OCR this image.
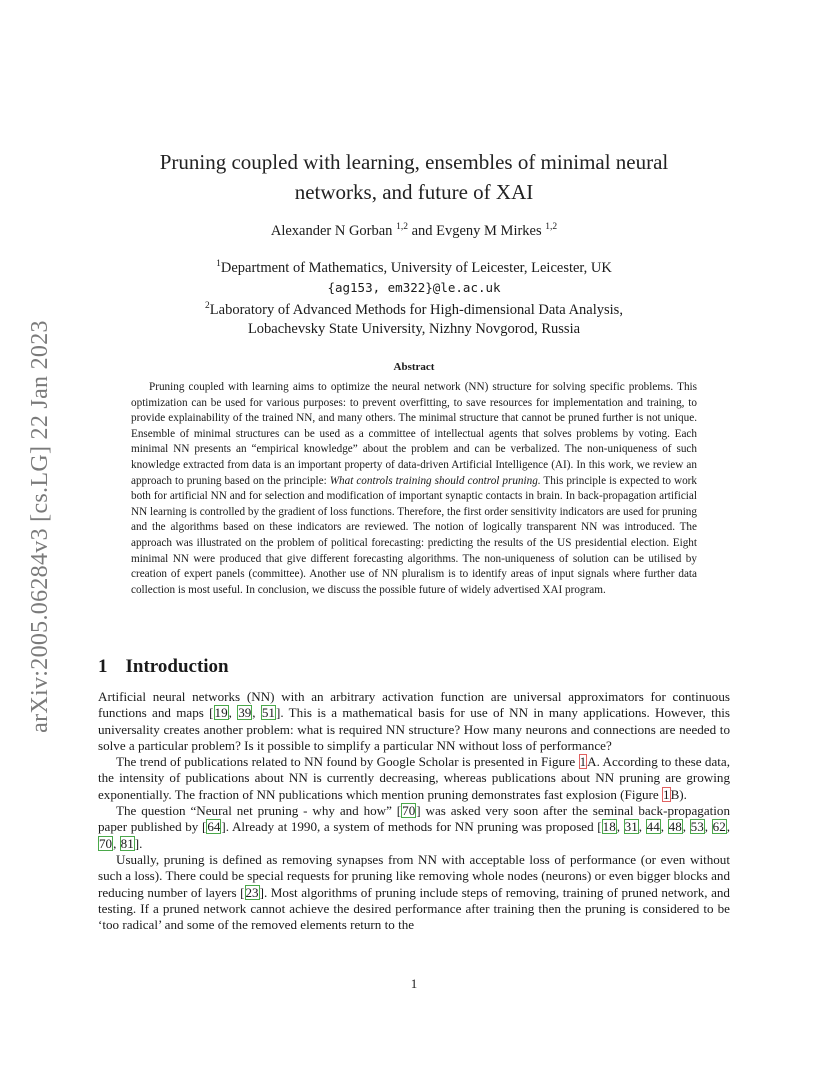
arXiv:2005.06284v3 [cs.LG] 22 Jan 2023
Pruning coupled with learning, ensembles of minimal neural
networks, and future of XAI
Alexander N Gorban $^{1,2}$ and Evgeny M Mirkes $^{1,2}$
$^1$Department of Mathematics, University of Leicester, Leicester, UK
{ag153, em322}@le.ac.uk
$^2$Laboratory of Advanced Methods for High-dimensional Data Analysis,
Lobachevsky State University, Nizhny Novgorod, Russia
Abstract
Pruning coupled with learning aims to optimize the neural network (NN) structure for solving specific problems. This optimization can be used for various purposes: to prevent overfitting, to save resources for implementation and training, to provide explainability of the trained NN, and many others. The minimal structure that cannot be pruned further is not unique. Ensemble of minimal structures can be used as a committee of intellectual agents that solves problems by voting. Each minimal NN presents an “empirical knowledge” about the problem and can be verbalized. The non-uniqueness of such knowledge extracted from data is an important property of data-driven Artificial Intelligence (AI). In this work, we review an approach to pruning based on the principle: What controls training should control pruning. This principle is expected to work both for artificial NN and for selection and modification of important synaptic contacts in brain. In back-propagation artificial NN learning is controlled by the gradient of loss functions. Therefore, the first order sensitivity indicators are used for pruning and the algorithms based on these indicators are reviewed. The notion of logically transparent NN was introduced. The approach was illustrated on the problem of political forecasting: predicting the results of the US presidential election. Eight minimal NN were produced that give different forecasting algorithms. The non-uniqueness of solution can be utilised by creation of expert panels (committee). Another use of NN pluralism is to identify areas of input signals where further data collection is most useful. In conclusion, we discuss the possible future of widely advertised XAI program.
1 Introduction

Artificial neural networks (NN) with an arbitrary activation function are universal approximators for continuous functions and maps [19, 39, 51]. This is a mathematical basis for use of NN in many applications. However, this universality creates another problem: what is required NN structure? How many neurons and connections are needed to solve a particular problem? Is it possible to simplify a particular NN without loss of performance?

The trend of publications related to NN found by Google Scholar is presented in Figure 1A. According to these data, the intensity of publications about NN is currently decreasing, whereas publications about NN pruning are growing exponentially. The fraction of NN publications which mention pruning demonstrates fast explosion (Figure 1B).

The question “Neural net pruning - why and how” [70] was asked very soon after the seminal back-propagation paper published by [64]. Already at 1990, a system of methods for NN pruning was proposed [18, 31, 44, 48, 53, 62, 70, 81].

Usually, pruning is defined as removing synapses from NN with acceptable loss of performance (or even without such a loss). There could be special requests for pruning like removing whole nodes (neurons) or even bigger blocks and reducing number of layers [23]. Most algorithms of pruning include steps of removing, training of pruned network, and testing. If a pruned network cannot achieve the desired performance after training then the pruning is considered to be ‘too radical’ and some of the removed elements return to the

1
